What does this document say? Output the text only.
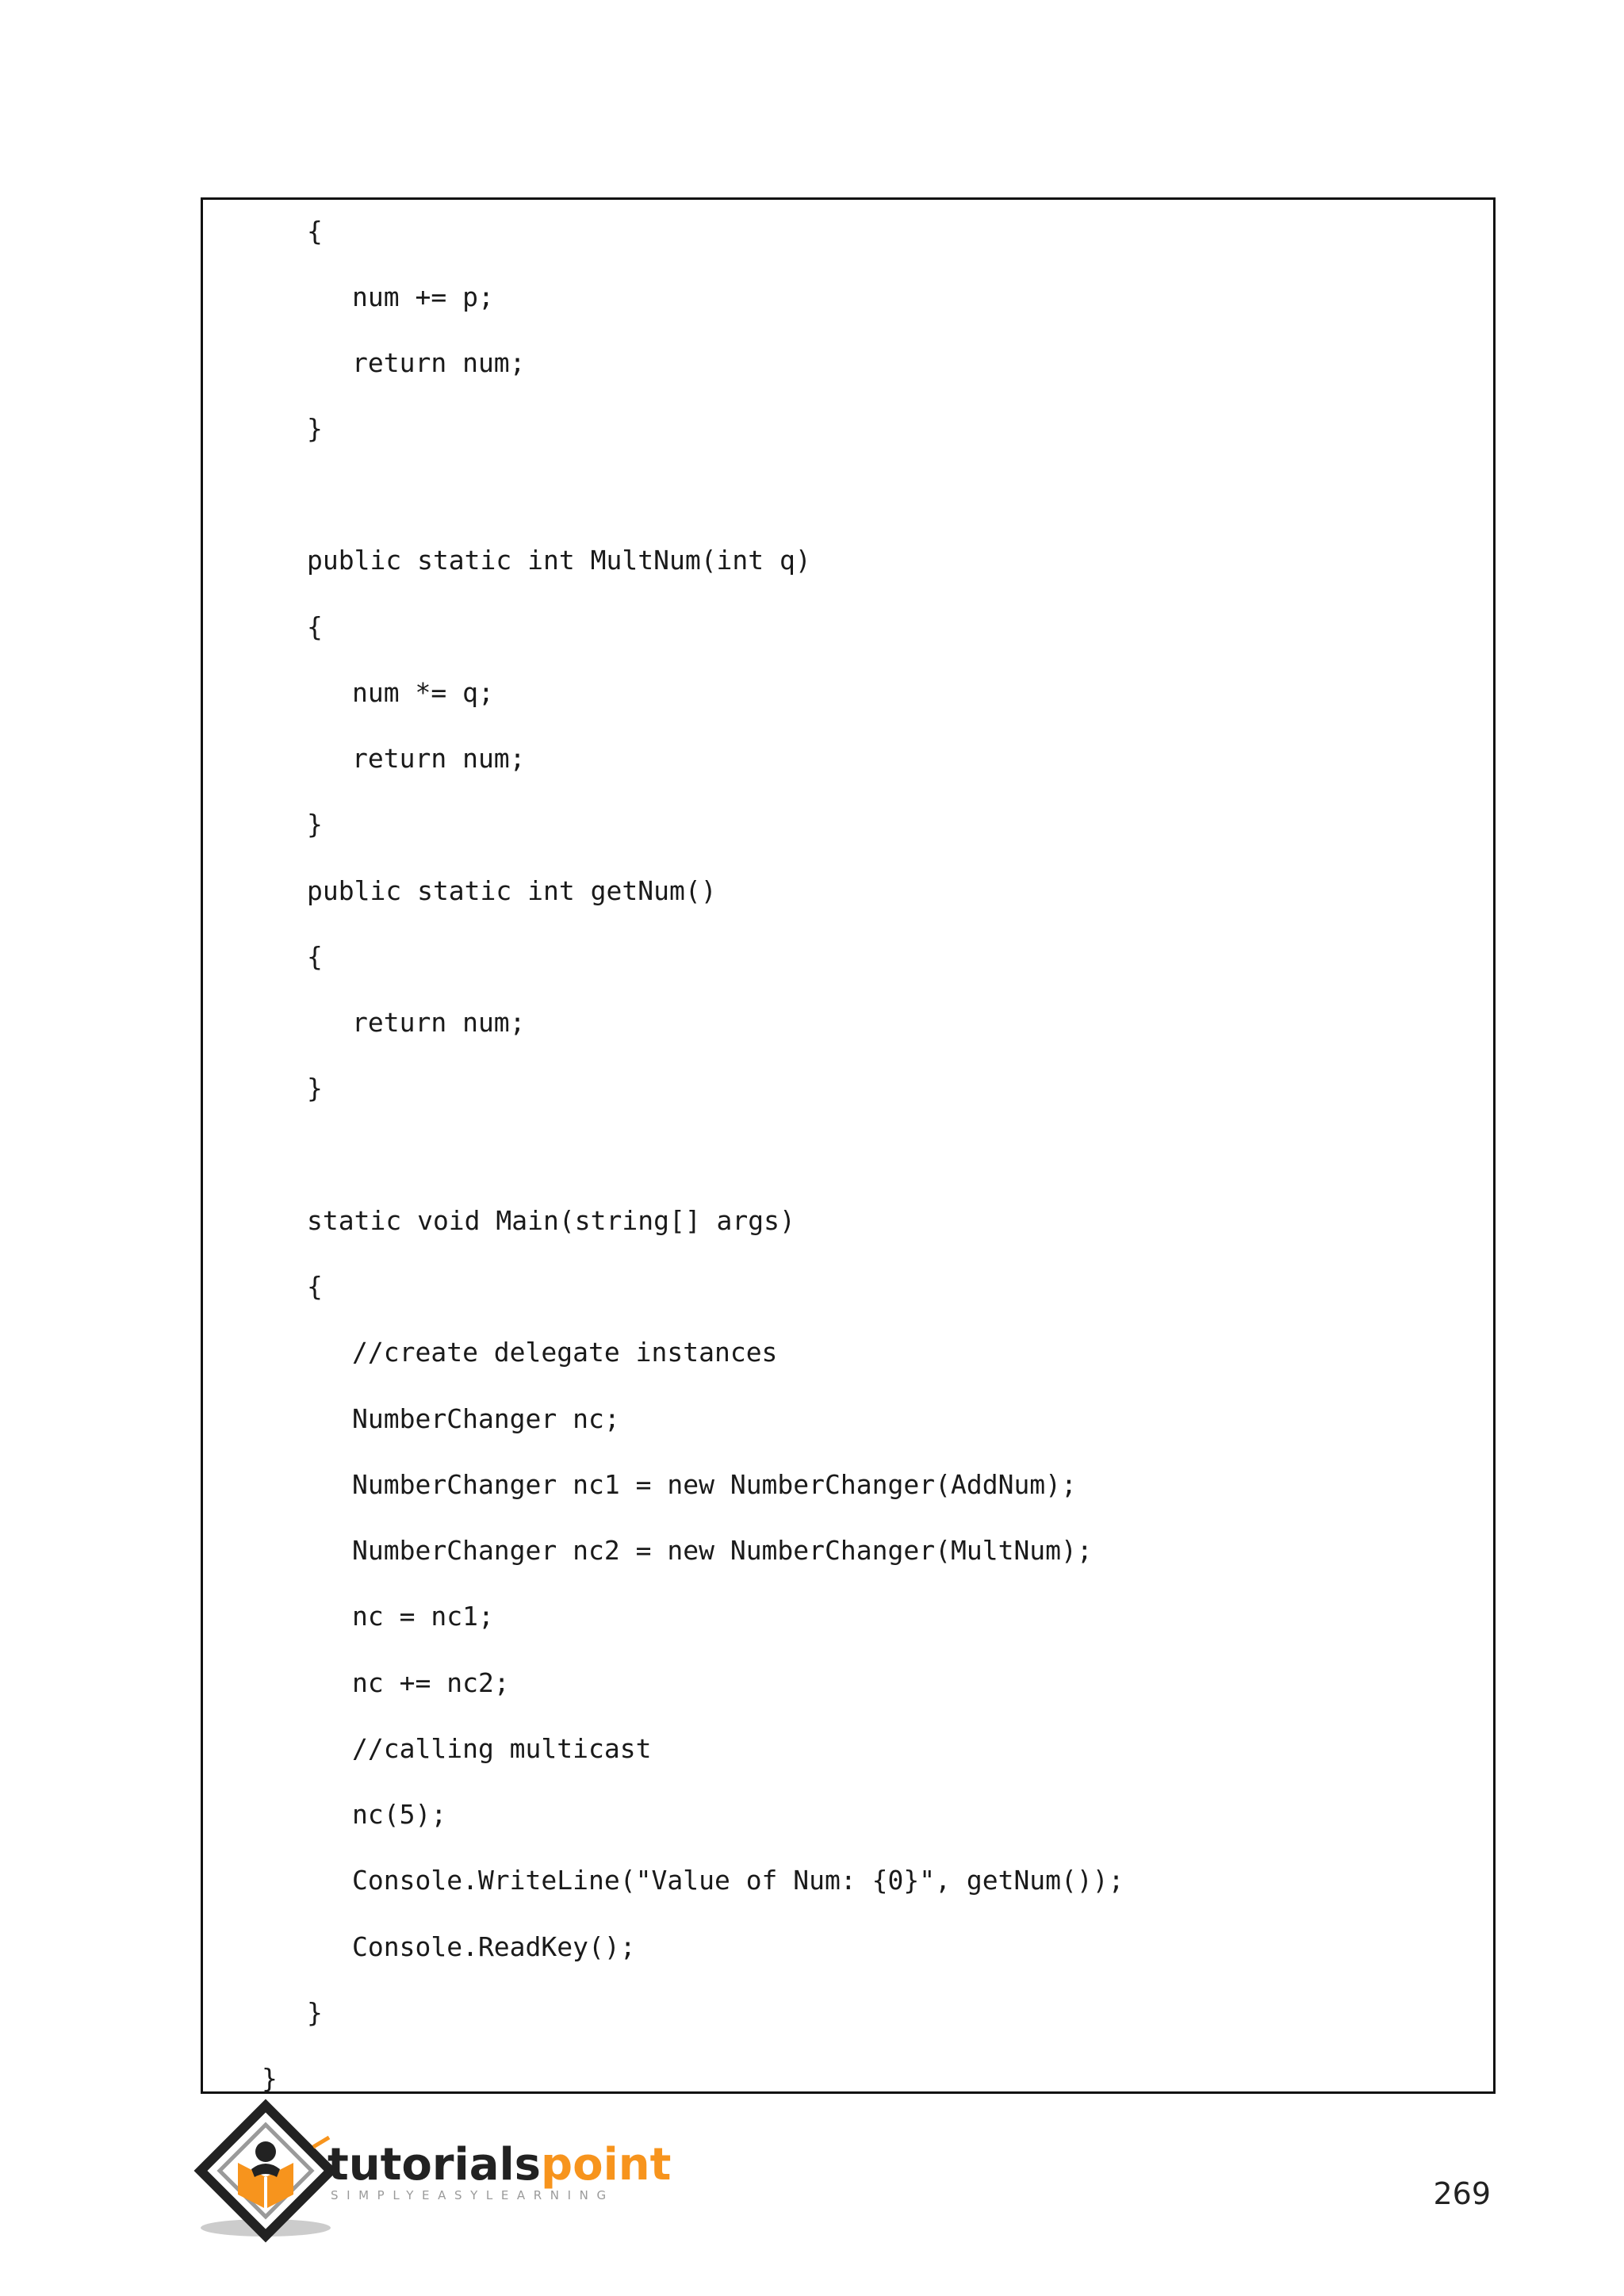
{
num += p;
return num;
}
public static int MultNum(int q)
{
num *= q;
return num;
}
public static int getNum()
{
return num;
}
static void Main(string[] args)
{
//create delegate instances
NumberChanger nc;
NumberChanger nc1 = new NumberChanger(AddNum);
NumberChanger nc2 = new NumberChanger(MultNum);
nc = nc1;
nc += nc2;
//calling multicast
nc(5);
Console.WriteLine("Value of Num: {0}", getNum());
Console.ReadKey();
}
}
tutorialspoint
SIMPLYEASYLEARNING	269
